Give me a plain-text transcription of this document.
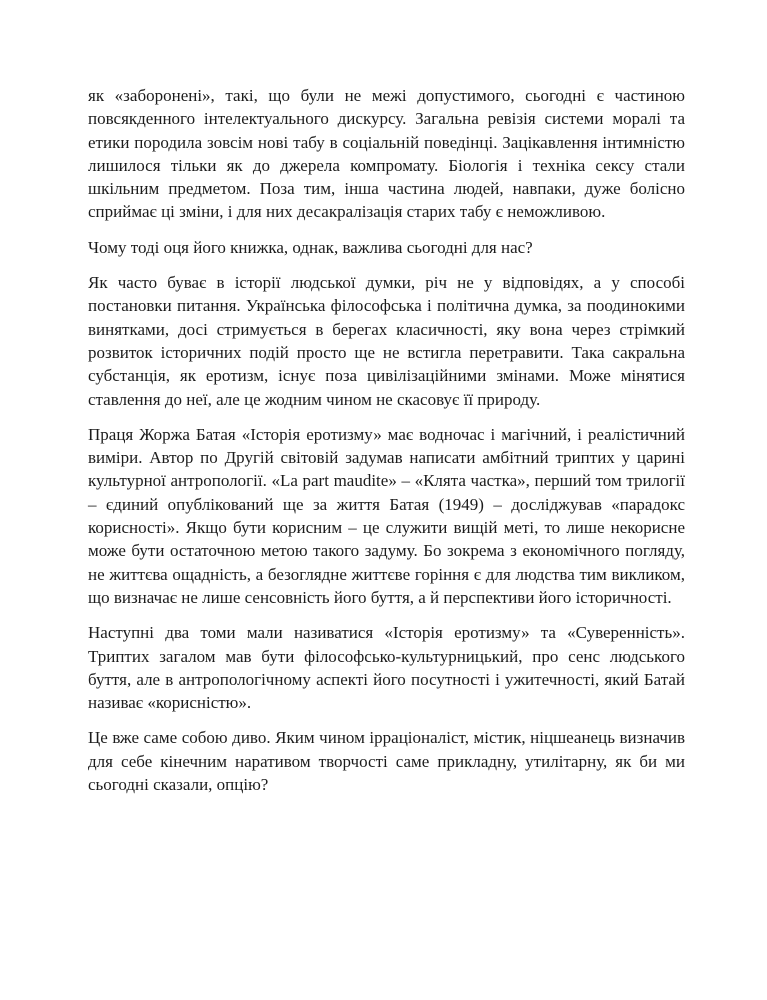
як «заборонені», такі, що були не межі допустимого, сьогодні є частиною повсякденного інтелектуального дискурсу. Загальна ревізія системи моралі та етики породила зовсім нові табу в соціальній поведінці. Зацікавлення інтимністю лишилося тільки як до джерела компромату. Біологія і техніка сексу стали шкільним предметом. Поза тим, інша частина людей, навпаки, дуже болісно сприймає ці зміни, і для них десакралізація старих табу є неможливою.

Чому тоді оця його книжка, однак, важлива сьогодні для нас?

Як часто буває в історії людської думки, річ не у відповідях, а у способі постановки питання. Українська філософська і політична думка, за поодинокими винятками, досі стримується в берегах класичності, яку вона через стрімкий розвиток історичних подій просто ще не встигла перетравити. Така сакральна субстанція, як еротизм, існує поза цивілізаційними змінами. Може мінятися ставлення до неї, але це жодним чином не скасовує її природу.

Праця Жоржа Батая «Історія еротизму» має водночас і магічний, і реалістичний виміри. Автор по Другій світовій задумав написати амбітний триптих у царині культурної антропології. «La part maudite» – «Клята частка», перший том трилогії – єдиний опублікований ще за життя Батая (1949) – досліджував «парадокс корисності». Якщо бути корисним – це служити вищій меті, то лише некорисне може бути остаточною метою такого задуму. Бо зокрема з економічного погляду, не життєва ощадність, а безоглядне життєве горіння є для людства тим викликом, що визначає не лише сенсовність його буття, а й перспективи його історичності.

Наступні два томи мали називатися «Історія еротизму» та «Суверенність». Триптих загалом мав бути філософсько-культурницький, про сенс людського буття, але в антропологічному аспекті його посутності і ужитечності, який Батай називає «корисністю».

Це вже саме собою диво. Яким чином ірраціоналіст, містик, ніцшеанець визначив для себе кінечним наративом творчості саме прикладну, утилітарну, як би ми сьогодні сказали, опцію?
